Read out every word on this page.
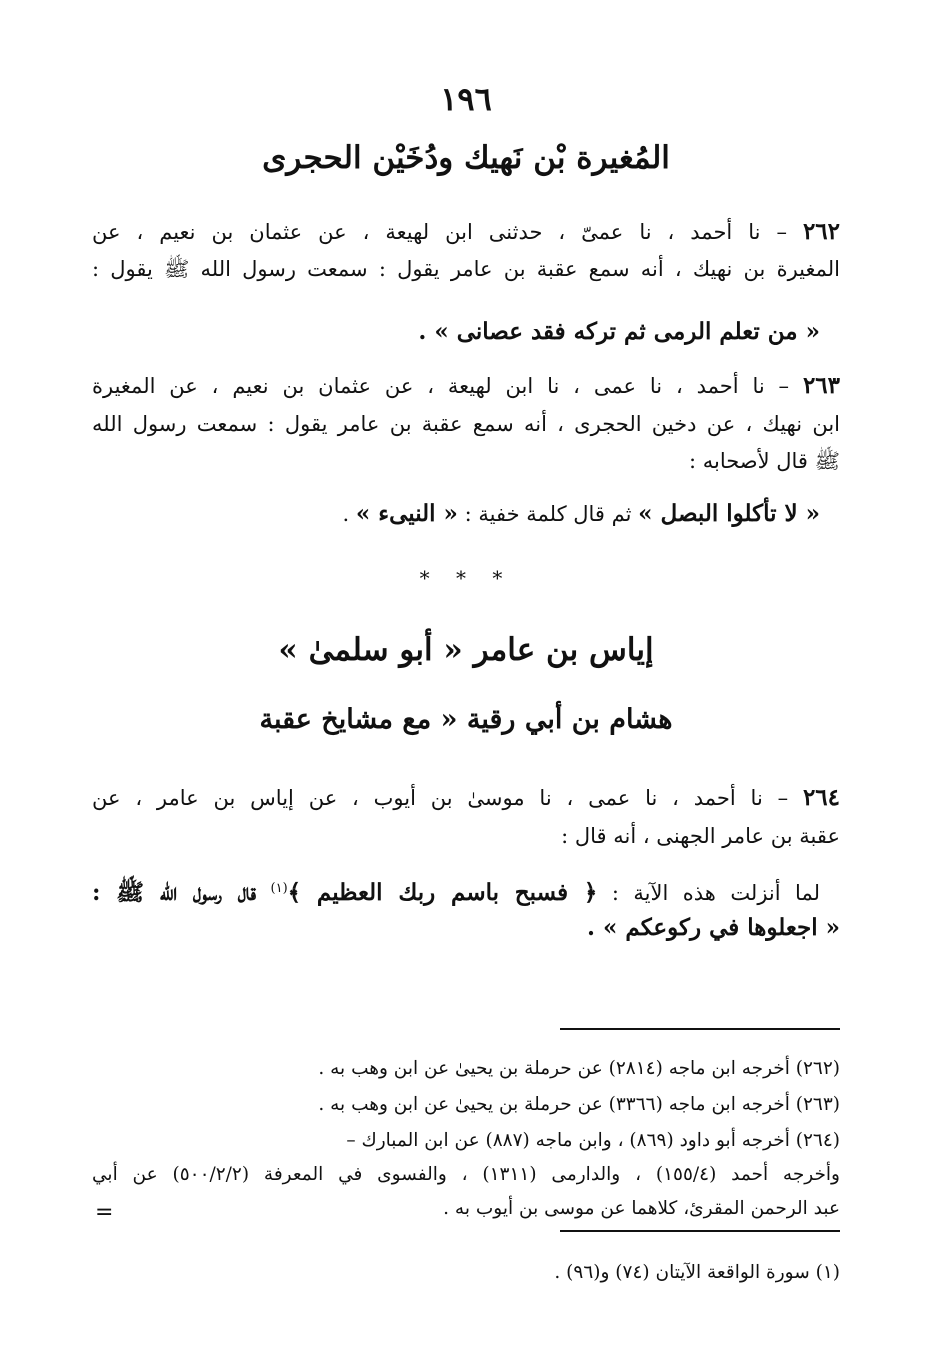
١٩٦
المُغيرة بْن نَهيك ودُخَيْن الحجرى
٢٦٢ – نا أحمد ، نا عمىّ ، حدثنى ابن لهيعة ، عن عثمان بن نعيم ، عن
المغيرة بن نهيك ، أنه سمع عقبة بن عامر يقول : سمعت رسول الله ﷺ يقول :
« من تعلم الرمى ثم تركه فقد عصانى » .
٢٦٣ – نا أحمد ، نا عمى ، نا ابن لهيعة ، عن عثمان بن نعيم ، عن المغيرة
ابن نهيك ، عن دخين الحجرى ، أنه سمع عقبة بن عامر يقول : سمعت رسول الله
ﷺ قال لأصحابه :
« لا تأكلوا البصل » ثم قال كلمة خفية : « النيىء » .
* * *
إياس بن عامر « أبو سلمىٰ »
هشام بن أبي رقية « مع مشايخ عقبة
٢٦٤ – نا أحمد ، نا عمى ، نا موسىٰ بن أيوب ، عن إياس بن عامر ، عن
عقبة بن عامر الجهنى ، أنه قال :
لما أنزلت هذه الآية : ﴿ فسبح باسم ربك العظيم ﴾$^{(١)}$ قال رسول الله ﷺ :
« اجعلوها في ركوعكم » .
(٢٦٢) أخرجه ابن ماجه (٢٨١٤) عن حرملة بن يحيىٰ عن ابن وهب به .
(٢٦٣) أخرجه ابن ماجه (٣٣٦٦) عن حرملة بن يحيىٰ عن ابن وهب به .
(٢٦٤) أخرجه أبو داود (٨٦٩) ، وابن ماجه (٨٨٧) عن ابن المبارك –
وأخرجه أحمد (١٥٥/٤) ، والدارمى (١٣١١) ، والفسوى في المعرفة (٥٠٠/٢/٢) عن أبي
عبد الرحمن المقرئ، كلاهما عن موسى بن أيوب به .
=
(١) سورة الواقعة الآيتان (٧٤) و(٩٦) .
